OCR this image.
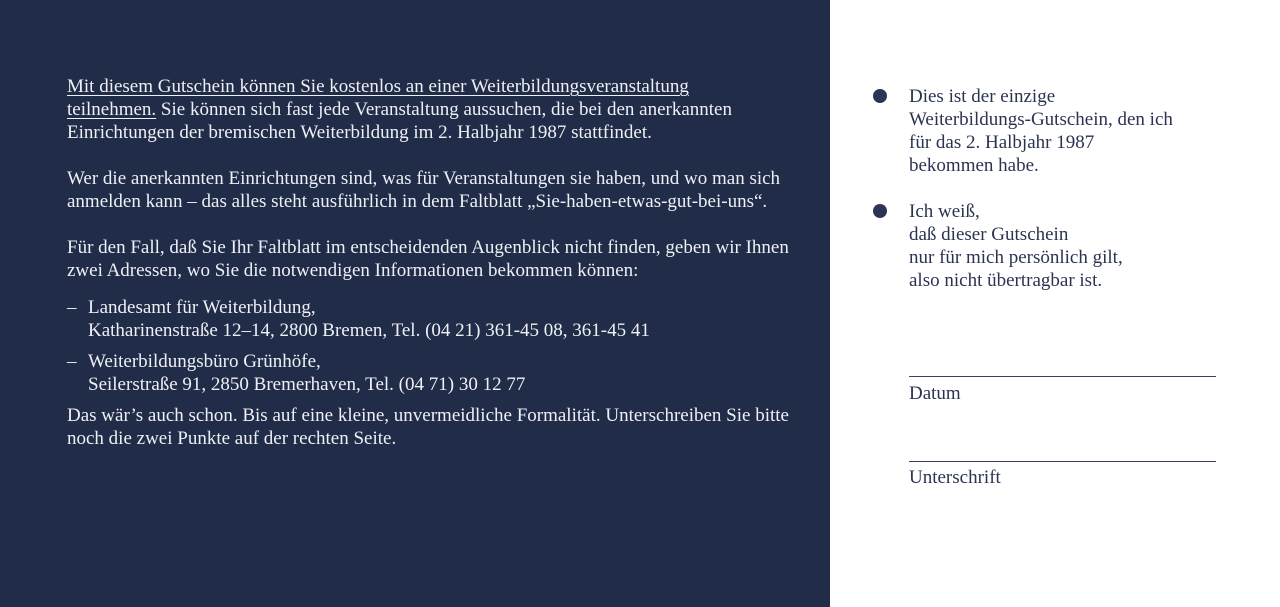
Mit diesem Gutschein können Sie kostenlos an einer Weiterbildungsveranstaltung
teilnehmen. Sie können sich fast jede Veranstaltung aussuchen, die bei den anerkannten Einrichtungen der bremischen Weiterbildung im 2. Halbjahr 1987 stattfindet.

Wer die anerkannten Einrichtungen sind, was für Veranstaltungen sie haben, und wo man sich anmelden kann – das alles steht ausführlich in dem Faltblatt „Sie-haben-etwas-gut-bei-uns“.

Für den Fall, daß Sie Ihr Faltblatt im entscheidenden Augenblick nicht finden, geben wir Ihnen zwei Adressen, wo Sie die notwendigen Informationen bekommen können:

– Landesamt für Weiterbildung,
Katharinenstraße 12–14, 2800 Bremen, Tel. (04 21) 361-45 08, 361-45 41
– Weiterbildungsbüro Grünhöfe,
Seilerstraße 91, 2850 Bremerhaven, Tel. (04 71) 30 12 77

Das wär’s auch schon. Bis auf eine kleine, unvermeidliche Formalität. Unterschreiben Sie bitte noch die zwei Punkte auf der rechten Seite.

Dies ist der einzige
Weiterbildungs-Gutschein, den ich
für das 2. Halbjahr 1987
bekommen habe.
Ich weiß,
daß dieser Gutschein
nur für mich persönlich gilt,
also nicht übertragbar ist.
Datum
Unterschrift
